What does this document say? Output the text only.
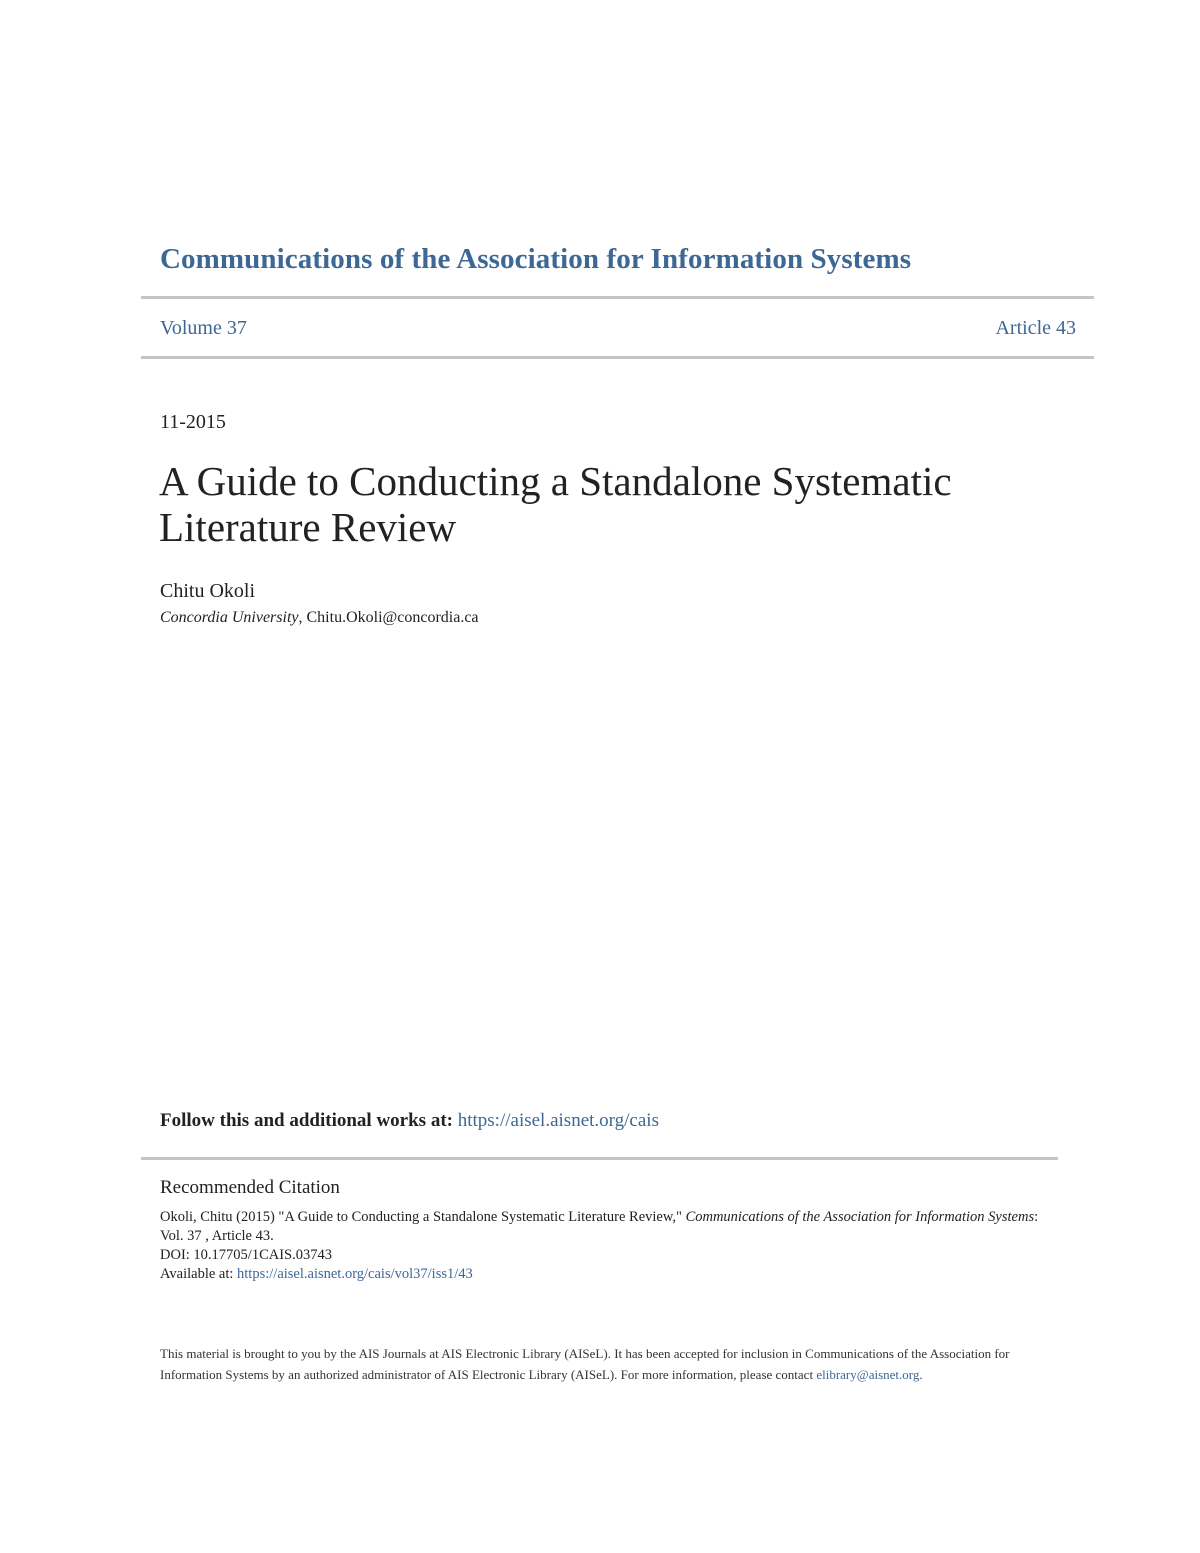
Communications of the Association for Information Systems
Volume 37	Article 43
11-2015
A Guide to Conducting a Standalone Systematic Literature Review
Chitu Okoli
Concordia University, Chitu.Okoli@concordia.ca
Follow this and additional works at: https://aisel.aisnet.org/cais
Recommended Citation
Okoli, Chitu (2015) "A Guide to Conducting a Standalone Systematic Literature Review," Communications of the Association for Information Systems: Vol. 37 , Article 43.
DOI: 10.17705/1CAIS.03743
Available at: https://aisel.aisnet.org/cais/vol37/iss1/43
This material is brought to you by the AIS Journals at AIS Electronic Library (AISeL). It has been accepted for inclusion in Communications of the Association for Information Systems by an authorized administrator of AIS Electronic Library (AISeL). For more information, please contact elibrary@aisnet.org.
